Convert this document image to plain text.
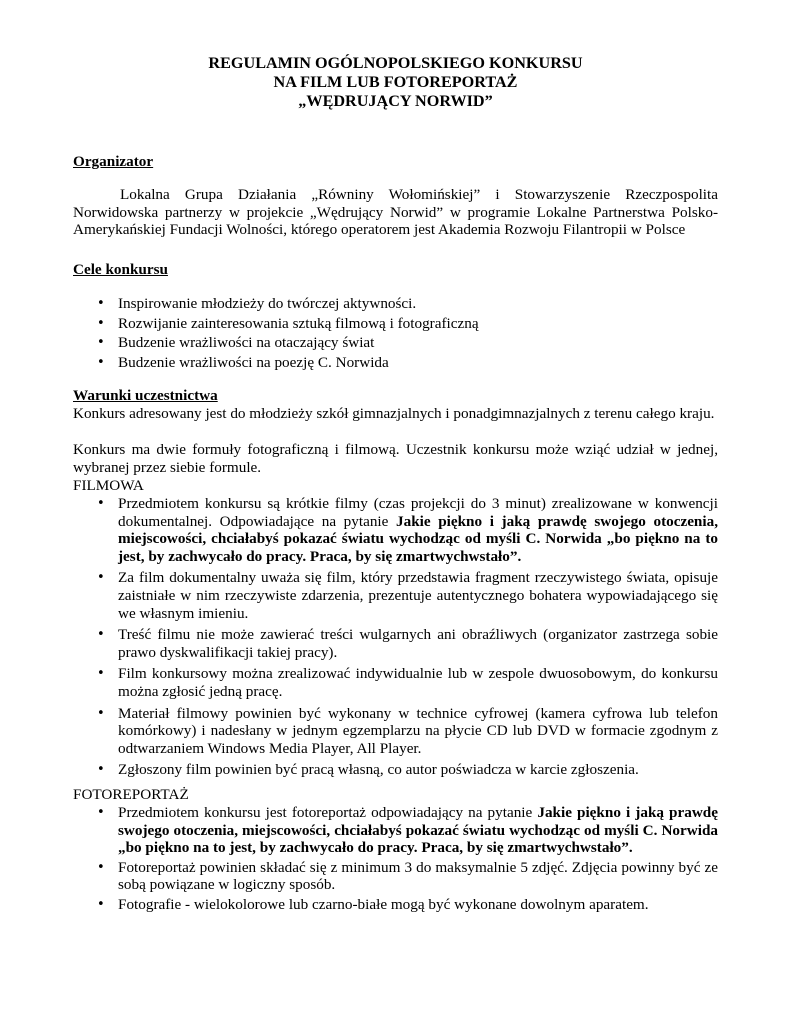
REGULAMIN OGÓLNOPOLSKIEGO KONKURSU
NA FILM LUB FOTOREPORTAŻ
„WĘDRUJĄCY NORWID”
Organizator
Lokalna Grupa Działania „Równiny Wołomińskiej” i Stowarzyszenie Rzeczpospolita Norwidowska partnerzy w projekcie „Wędrujący Norwid” w programie Lokalne Partnerstwa Polsko-Amerykańskiej Fundacji Wolności, którego operatorem jest Akademia Rozwoju Filantropii w Polsce
Cele konkursu
• Inspirowanie młodzieży do twórczej aktywności.
• Rozwijanie zainteresowania sztuką filmową i fotograficzną
• Budzenie wrażliwości na otaczający świat
• Budzenie wrażliwości na poezję C. Norwida
Warunki uczestnictwa
Konkurs adresowany jest do młodzieży szkół gimnazjalnych i ponadgimnazjalnych z terenu całego kraju.
Konkurs ma dwie formuły fotograficzną i filmową. Uczestnik konkursu może wziąć udział w jednej, wybranej przez siebie formule.
FILMOWA
• Przedmiotem konkursu są krótkie filmy (czas projekcji do 3 minut) zrealizowane w konwencji dokumentalnej. Odpowiadające na pytanie Jakie piękno i jaką prawdę swojego otoczenia, miejscowości, chciałabyś pokazać światu wychodząc od myśli C. Norwida „bo piękno na to jest, by zachwycało do pracy. Praca, by się zmartwychwstało”.
• Za film dokumentalny uważa się film, który przedstawia fragment rzeczywistego świata, opisuje zaistniałe w nim rzeczywiste zdarzenia, prezentuje autentycznego bohatera wypowiadającego się we własnym imieniu.
• Treść filmu nie może zawierać treści wulgarnych ani obraźliwych (organizator zastrzega sobie prawo dyskwalifikacji takiej pracy).
• Film konkursowy można zrealizować indywidualnie lub w zespole dwuosobowym, do konkursu można zgłosić jedną pracę.
• Materiał filmowy powinien być wykonany w technice cyfrowej (kamera cyfrowa lub telefon komórkowy) i nadesłany w jednym egzemplarzu na płycie CD lub DVD w formacie zgodnym z odtwarzaniem Windows Media Player, All Player.
• Zgłoszony film powinien być pracą własną, co autor poświadcza w karcie zgłoszenia.
FOTOREPORTAŻ
• Przedmiotem konkursu jest fotoreportaż odpowiadający na pytanie Jakie piękno i jaką prawdę swojego otoczenia, miejscowości, chciałabyś pokazać światu wychodząc od myśli C. Norwida „bo piękno na to jest, by zachwycało do pracy. Praca, by się zmartwychwstało”.
• Fotoreportaż powinien składać się z minimum 3 do maksymalnie 5 zdjęć. Zdjęcia powinny być ze sobą powiązane w logiczny sposób.
• Fotografie - wielokolorowe lub czarno-białe mogą być wykonane dowolnym aparatem.
